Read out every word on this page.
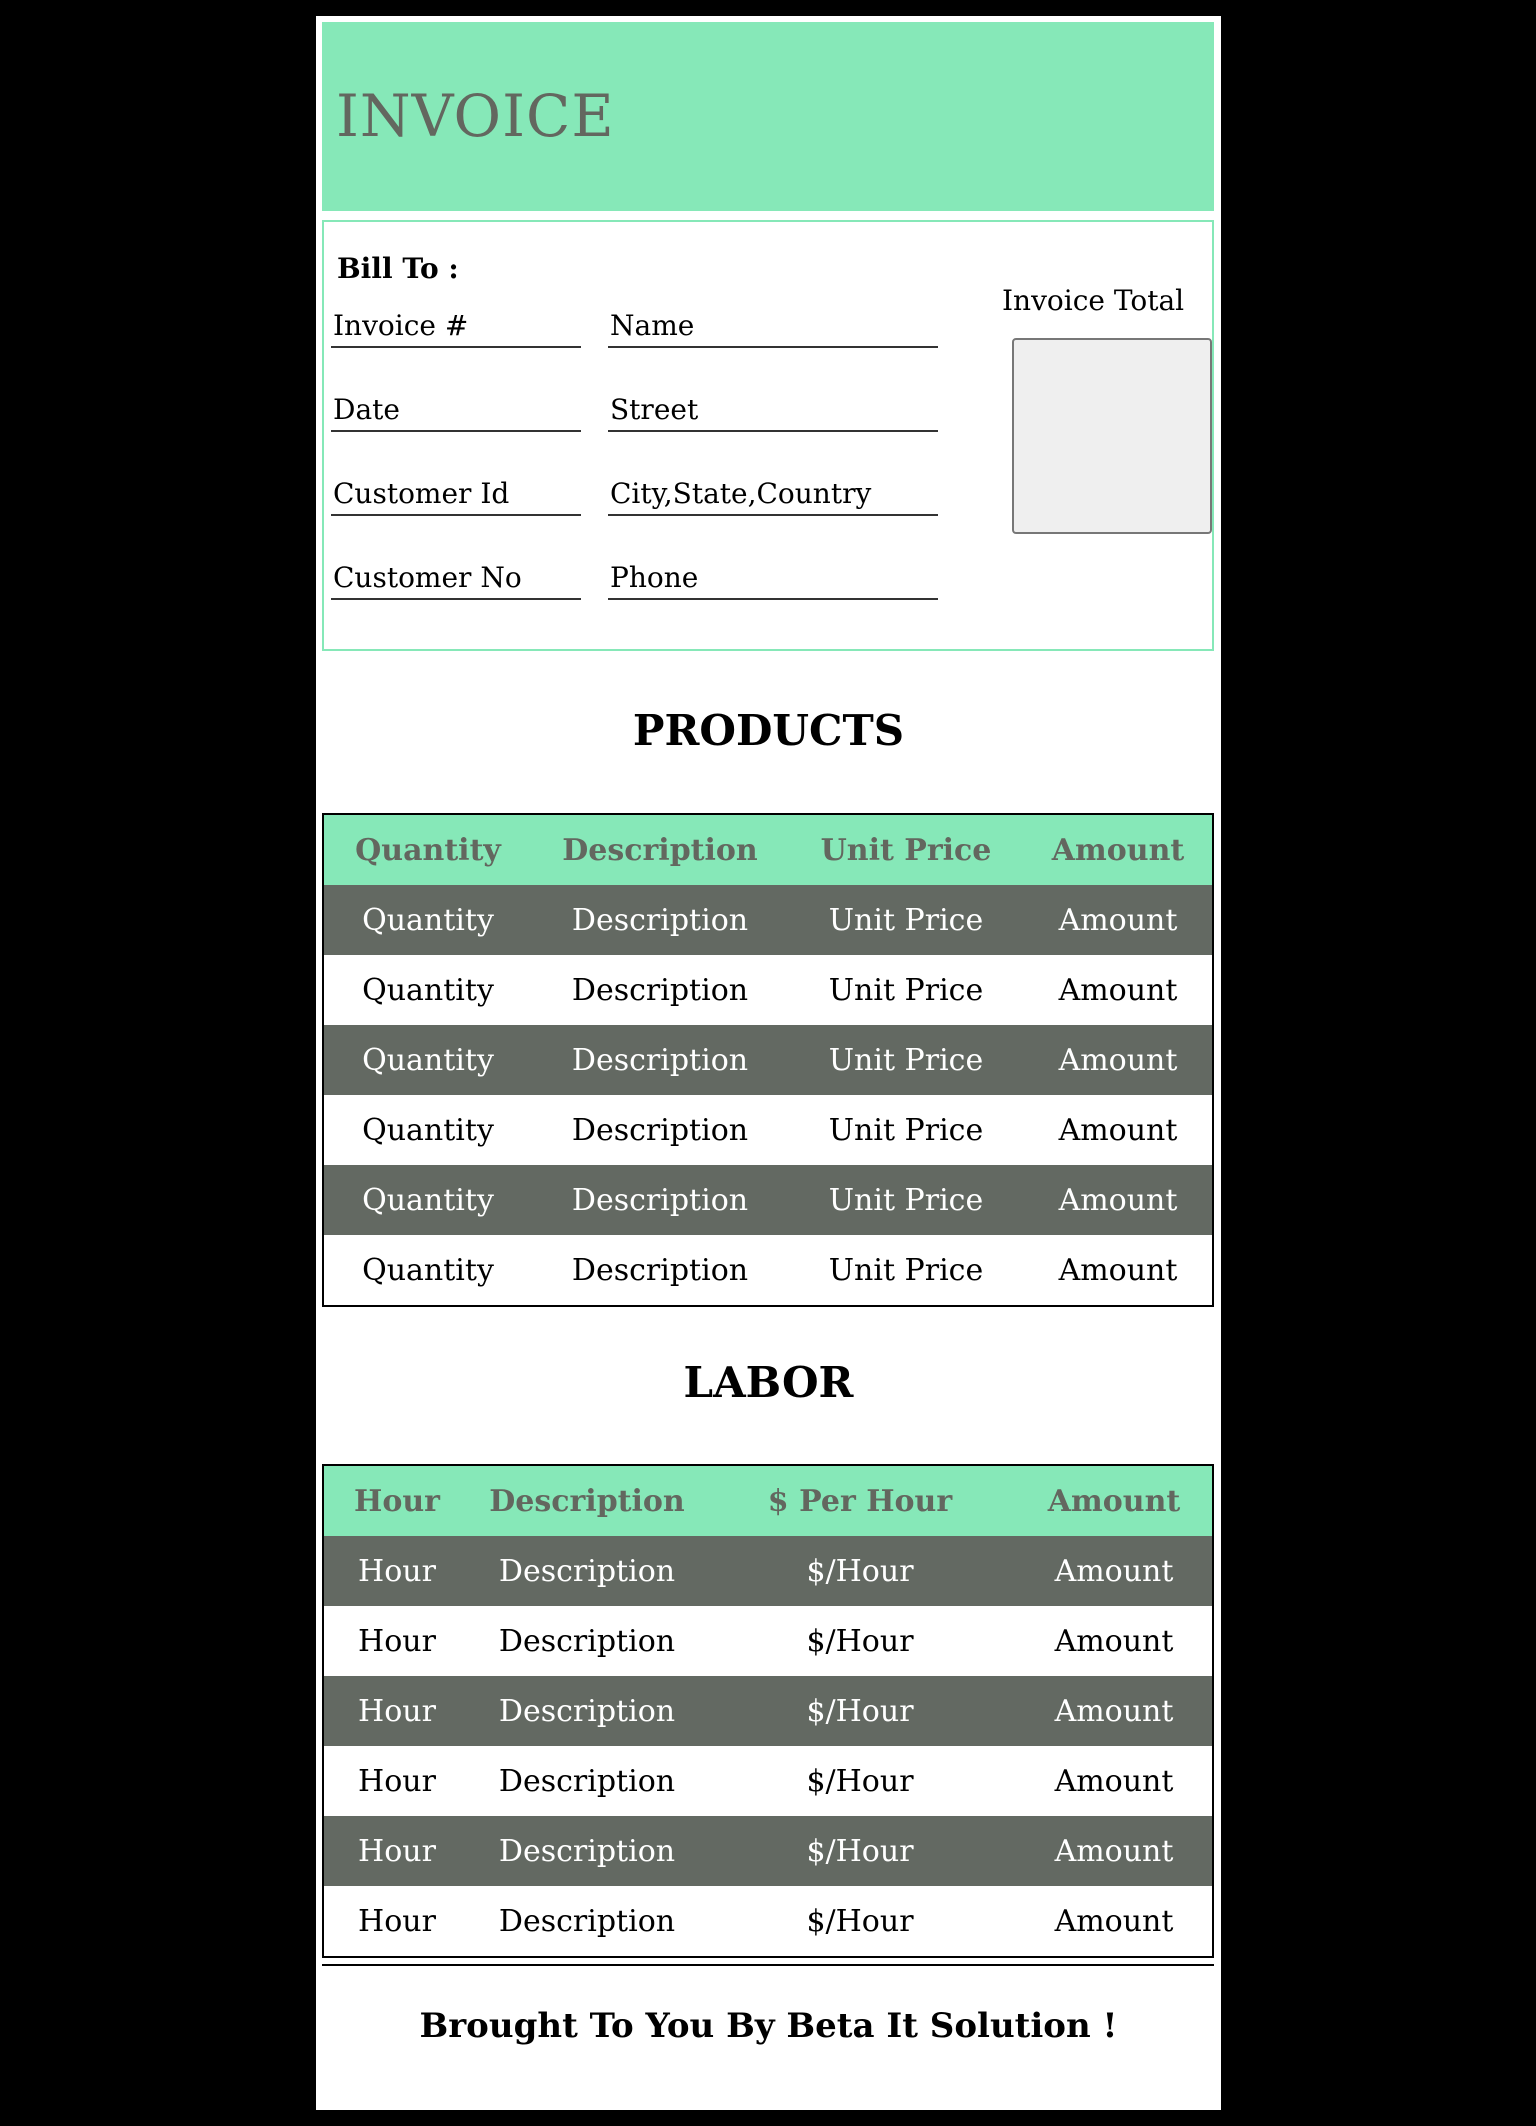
INVOICE
Bill To :
Invoice #
Date
Customer Id
Customer No
Name
Street
City,State,Country
Phone
Invoice Total
PRODUCTS
Quantity	Description	Unit Price	Amount
Quantity	Description	Unit Price	Amount
Quantity	Description	Unit Price	Amount
Quantity	Description	Unit Price	Amount
Quantity	Description	Unit Price	Amount
Quantity	Description	Unit Price	Amount
Quantity	Description	Unit Price	Amount
LABOR
Hour	Description	$ Per Hour	Amount
Hour	Description	$/Hour	Amount
Hour	Description	$/Hour	Amount
Hour	Description	$/Hour	Amount
Hour	Description	$/Hour	Amount
Hour	Description	$/Hour	Amount
Hour	Description	$/Hour	Amount
Brought To You By Beta It Solution !
